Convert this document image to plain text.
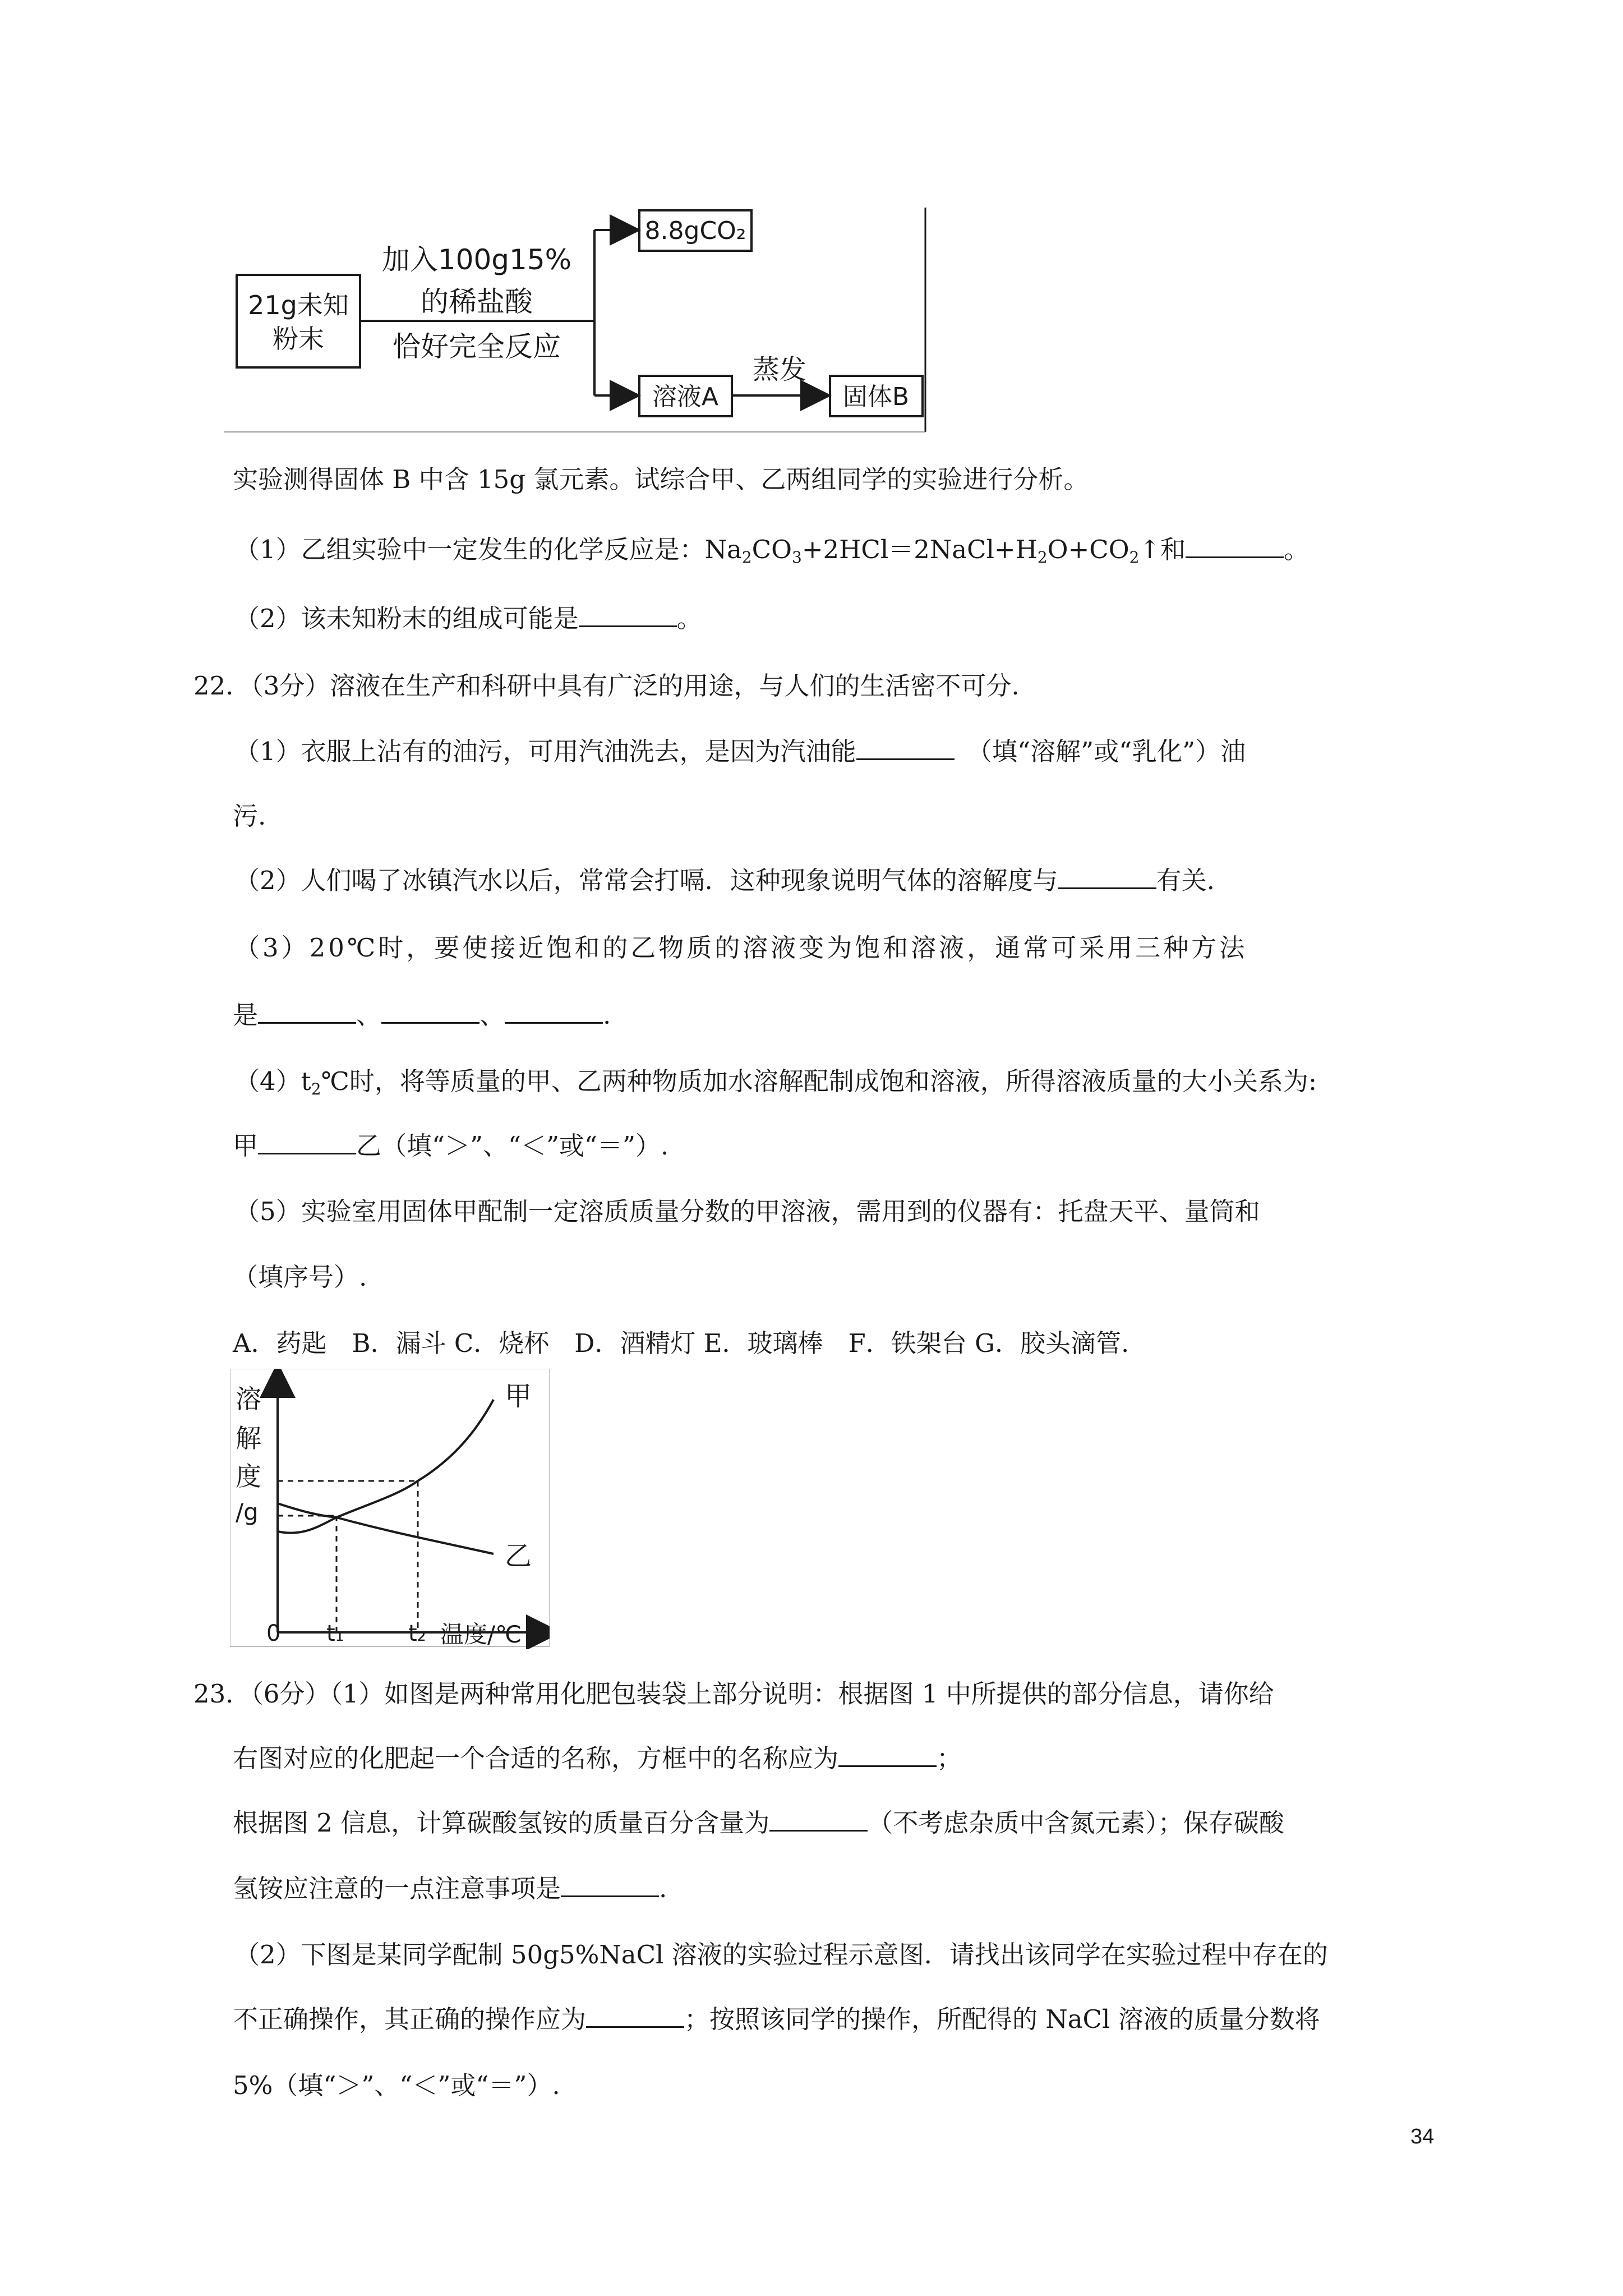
21g未知
粉末
加入100g15%
的稀盐酸
恰好完全反应
8.8gCO₂
溶液A
蒸发
固体B
实验测得固体 B 中含 15g 氯元素。试综合甲、乙两组同学的实验进行分析。
（1）乙组实验中一定发生的化学反应是：$Na_2CO_3+2HCl=2NaCl+H_2O+CO_2↑$和	。
（2）该未知粉末的组成可能是	。
22．（3分）溶液在生产和科研中具有广泛的用途，与人们的生活密不可分.
（1）衣服上沾有的油污，可用汽油洗去，是因为汽油能　	（填“溶解”或“乳化”）油
污.
（2）人们喝了冰镇汽水以后，常常会打嗝．这种现象说明气体的溶解度与	有关.
（3）20℃时，要使接近饱和的乙物质的溶液变为饱和溶液，通常可采用三种方法
是	、	、	.
$(4)t_2℃$时，将等质量的甲、乙两种物质加水溶解配制成饱和溶液，所得溶液质量的大小关系为:
甲	乙（填“＞”、“＜”或“＝”）.
（5）实验室用固体甲配制一定溶质质量分数的甲溶液，需用到的仪器有：托盘天平、量筒和
（填序号）.
A．药匙　B．漏斗 C．烧杯　D．酒精灯 E．玻璃棒　F．铁架台 G．胶头滴管.
溶
解
度
/g
甲
乙
0 t₁	t₂ 温度/℃
23．（6分）（1）如图是两种常用化肥包装袋上部分说明：根据图 1 中所提供的部分信息，请你给
右图对应的化肥起一个合适的名称，方框中的名称应为	；
根据图 2 信息，计算碳酸氢铵的质量百分含量为	（不考虑杂质中含氮元素）；保存碳酸
氢铵应注意的一点注意事项是	.
（2）下图是某同学配制 50g5%NaCl 溶液的实验过程示意图．请找出该同学在实验过程中存在的
不正确操作，其正确的操作应为	；按照该同学的操作，所配得的 NaCl 溶液的质量分数将
5%（填“＞”、“＜”或“＝”）.
34
